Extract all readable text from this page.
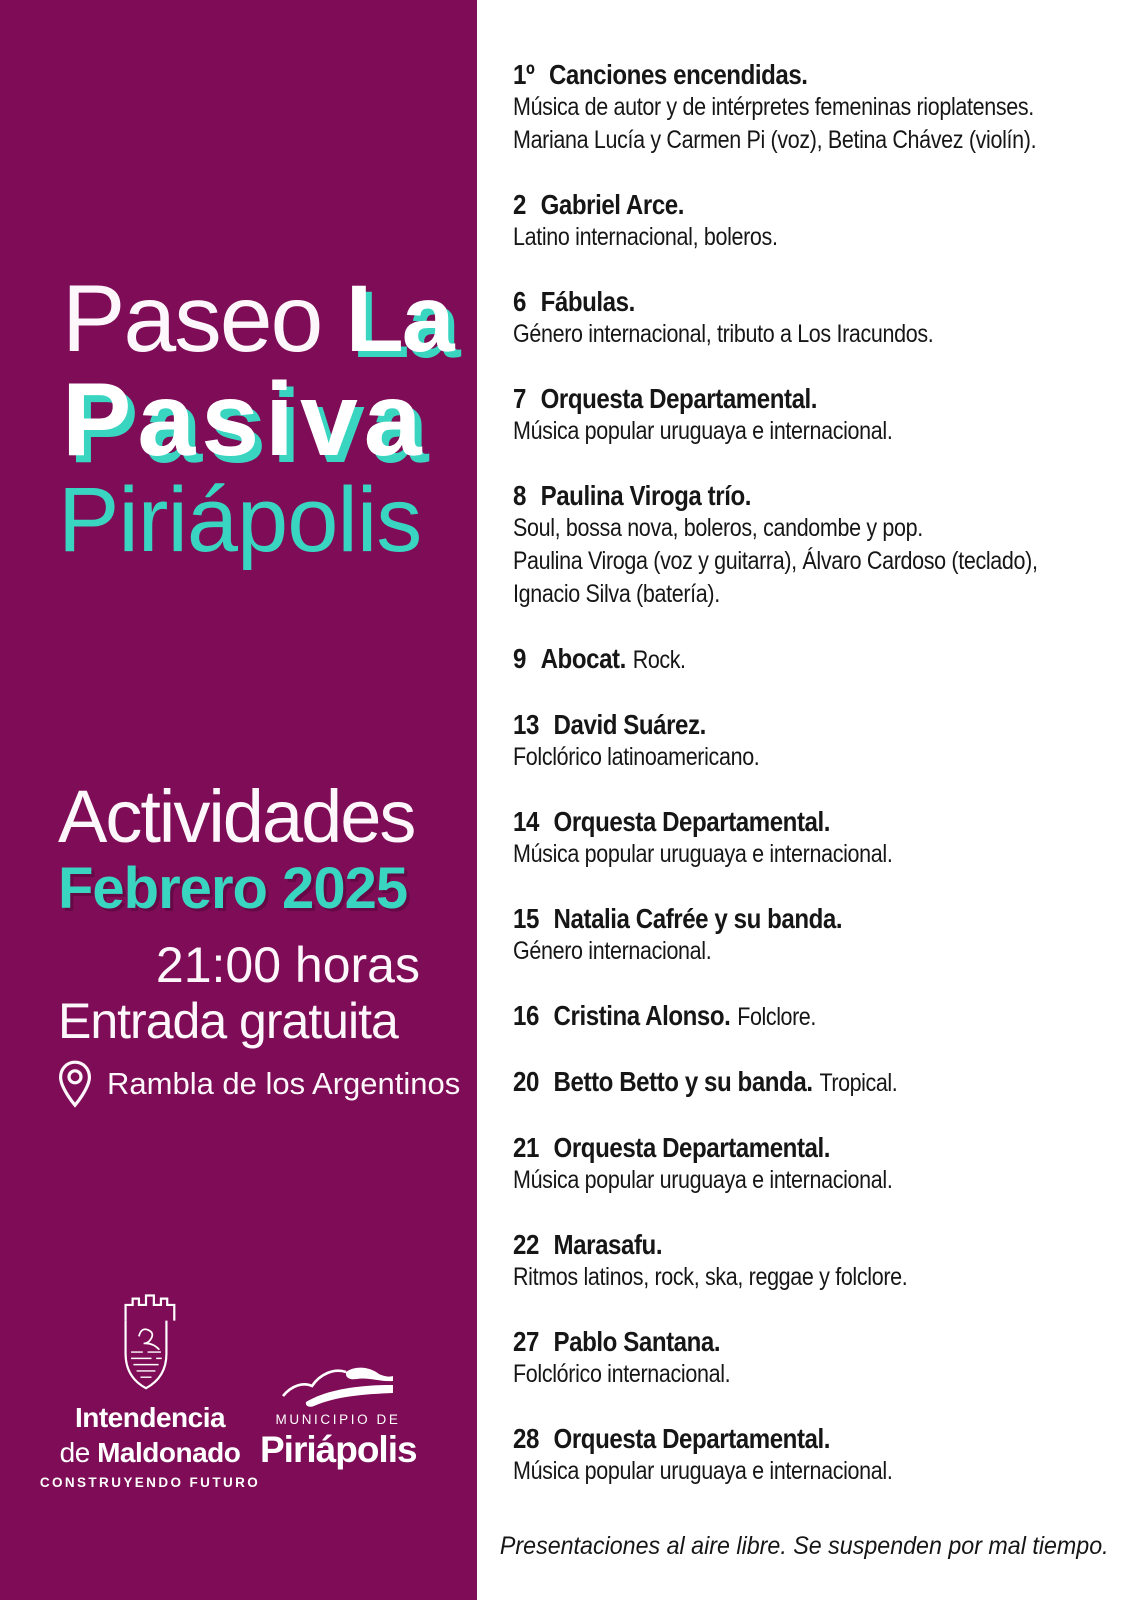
Paseo La
Pasiva
Piriápolis
Actividades
Febrero 2025
21:00 horas
Entrada gratuita
Rambla de los Argentinos
Intendencia
de Maldonado
CONSTRUYENDO FUTURO
MUNICIPIO DE
Piriápolis
1º Canciones encendidas.
Música de autor y de intérpretes femeninas rioplatenses.
Mariana Lucía y Carmen Pi (voz), Betina Chávez (violín).
2 Gabriel Arce.
Latino internacional, boleros.
6 Fábulas.
Género internacional, tributo a Los Iracundos.
7 Orquesta Departamental.
Música popular uruguaya e internacional.
8 Paulina Viroga trío.
Soul, bossa nova, boleros, candombe y pop.
Paulina Viroga (voz y guitarra), Álvaro Cardoso (teclado),
Ignacio Silva (batería).
9 Abocat. Rock.
13 David Suárez.
Folclórico latinoamericano.
14 Orquesta Departamental.
Música popular uruguaya e internacional.
15 Natalia Cafrée y su banda.
Género internacional.
16 Cristina Alonso. Folclore.
20 Betto Betto y su banda. Tropical.
21 Orquesta Departamental.
Música popular uruguaya e internacional.
22 Marasafu.
Ritmos latinos, rock, ska, reggae y folclore.
27 Pablo Santana.
Folclórico internacional.
28 Orquesta Departamental.
Música popular uruguaya e internacional.
Presentaciones al aire libre. Se suspenden por mal tiempo.
